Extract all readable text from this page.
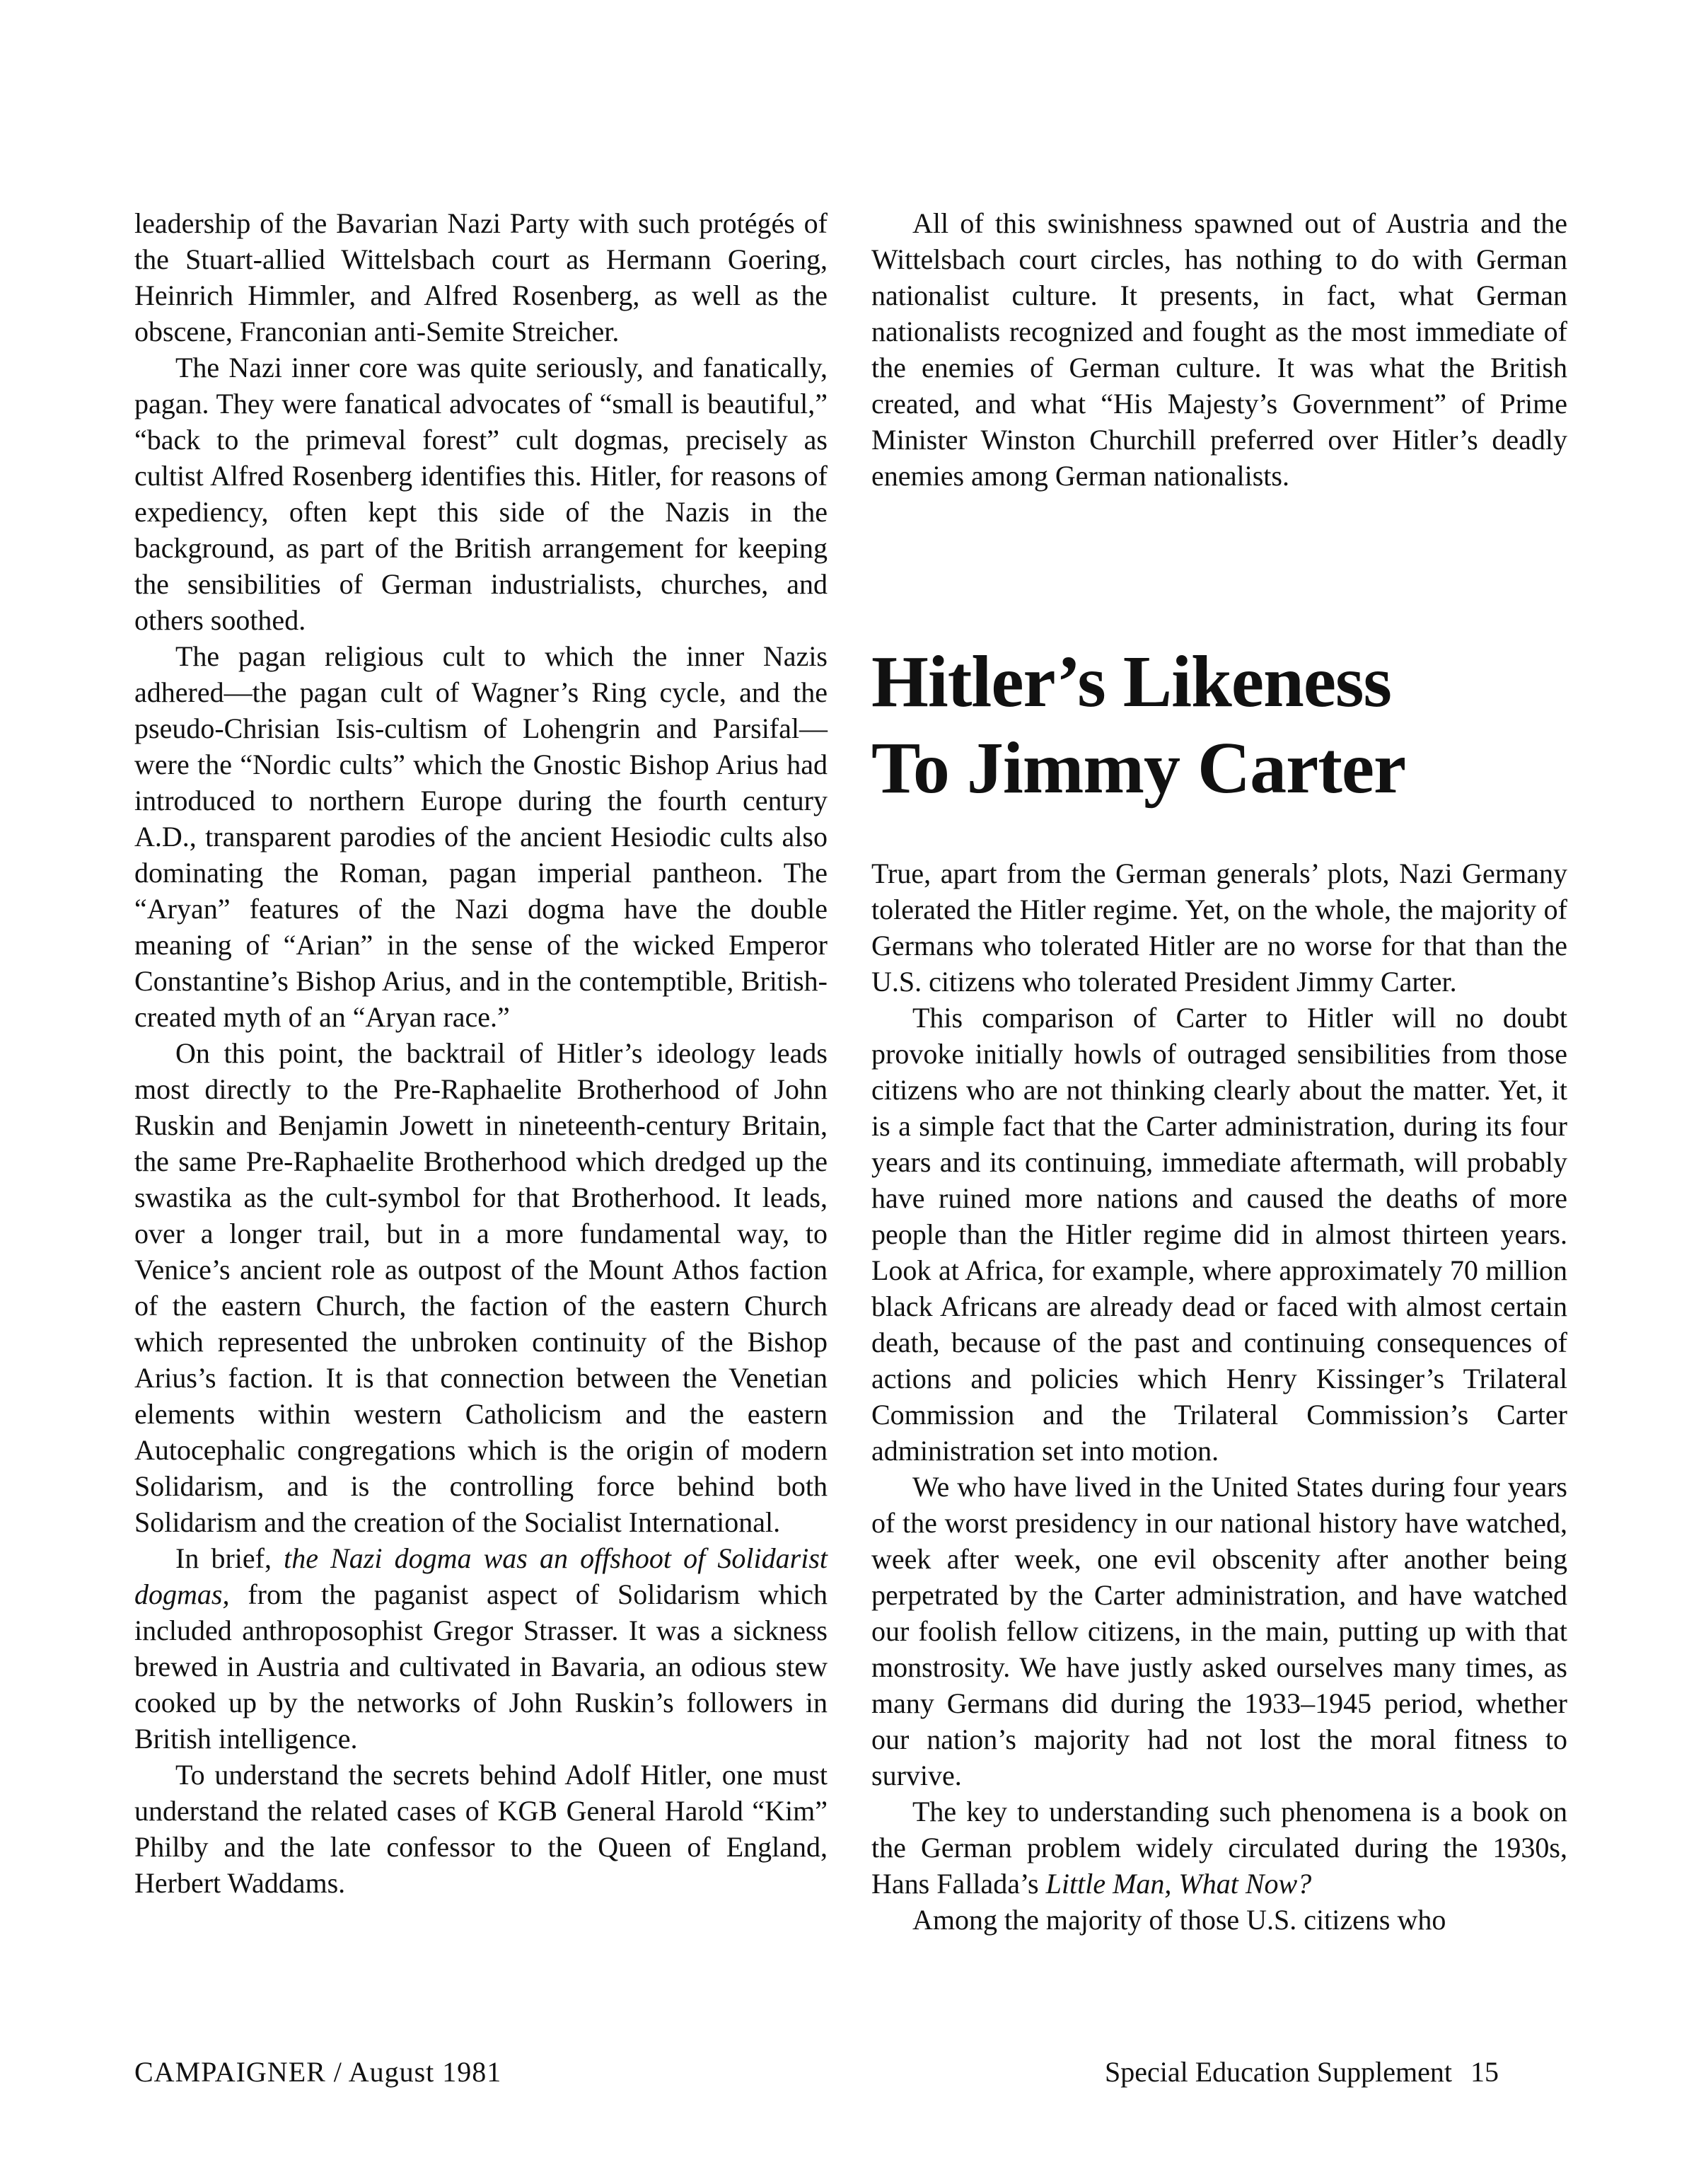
leadership of the Bavarian Nazi Party with such protégés of the Stuart-allied Wittelsbach court as Hermann Goering, Heinrich Himmler, and Alfred Rosenberg, as well as the obscene, Franconian anti-Semite Streicher.

The Nazi inner core was quite seriously, and fanatically, pagan. They were fanatical advocates of “small is beautiful,” “back to the primeval forest” cult dogmas, precisely as cultist Alfred Rosenberg identifies this. Hitler, for reasons of expediency, often kept this side of the Nazis in the background, as part of the British arrangement for keeping the sensibilities of German industrialists, churches, and others soothed.

The pagan religious cult to which the inner Nazis adhered—the pagan cult of Wagner’s Ring cycle, and the pseudo-Chrisian Isis-cultism of Lohengrin and Parsifal—were the “Nordic cults” which the Gnostic Bishop Arius had introduced to northern Europe during the fourth century A.D., transparent parodies of the ancient Hesiodic cults also dominating the Roman, pagan imperial pantheon. The “Aryan” features of the Nazi dogma have the double meaning of “Arian” in the sense of the wicked Emperor Constantine’s Bishop Arius, and in the contemptible, British-created myth of an “Aryan race.”

On this point, the backtrail of Hitler’s ideology leads most directly to the Pre-Raphaelite Brotherhood of John Ruskin and Benjamin Jowett in nineteenth-century Britain, the same Pre-Raphaelite Brotherhood which dredged up the swastika as the cult-symbol for that Brotherhood. It leads, over a longer trail, but in a more fundamental way, to Venice’s ancient role as outpost of the Mount Athos faction of the eastern Church, the faction of the eastern Church which represented the unbroken continuity of the Bishop Arius’s faction. It is that connection between the Venetian elements within western Catholicism and the eastern Autocephalic congregations which is the origin of modern Solidarism, and is the controlling force behind both Solidarism and the creation of the Socialist International.

In brief, the Nazi dogma was an offshoot of Solidarist dogmas, from the paganist aspect of Solidarism which included anthroposophist Gregor Strasser. It was a sickness brewed in Austria and cultivated in Bavaria, an odious stew cooked up by the networks of John Ruskin’s followers in British intelligence.

To understand the secrets behind Adolf Hitler, one must understand the related cases of KGB General Harold “Kim” Philby and the late confessor to the Queen of England, Herbert Waddams.

All of this swinishness spawned out of Austria and the Wittelsbach court circles, has nothing to do with German nationalist culture. It presents, in fact, what German nationalists recognized and fought as the most immediate of the enemies of German culture. It was what the British created, and what “His Majesty’s Government” of Prime Minister Winston Churchill preferred over Hitler’s deadly enemies among German nationalists.

Hitler’s Likeness
To Jimmy Carter

True, apart from the German generals’ plots, Nazi Germany tolerated the Hitler regime. Yet, on the whole, the majority of Germans who tolerated Hitler are no worse for that than the U.S. citizens who tolerated President Jimmy Carter.

This comparison of Carter to Hitler will no doubt provoke initially howls of outraged sensibilities from those citizens who are not thinking clearly about the matter. Yet, it is a simple fact that the Carter administration, during its four years and its continuing, immediate aftermath, will probably have ruined more nations and caused the deaths of more people than the Hitler regime did in almost thirteen years. Look at Africa, for example, where approximately 70 million black Africans are already dead or faced with almost certain death, because of the past and continuing consequences of actions and policies which Henry Kissinger’s Trilateral Commission and the Trilateral Commission’s Carter administration set into motion.

We who have lived in the United States during four years of the worst presidency in our national history have watched, week after week, one evil obscenity after another being perpetrated by the Carter administration, and have watched our foolish fellow citizens, in the main, putting up with that monstrosity. We have justly asked ourselves many times, as many Germans did during the 1933–1945 period, whether our nation’s majority had not lost the moral fitness to survive.

The key to understanding such phenomena is a book on the German problem widely circulated during the 1930s, Hans Fallada’s Little Man, What Now?

Among the majority of those U.S. citizens who

CAMPAIGNER / August 1981	Special Education Supplement 15
